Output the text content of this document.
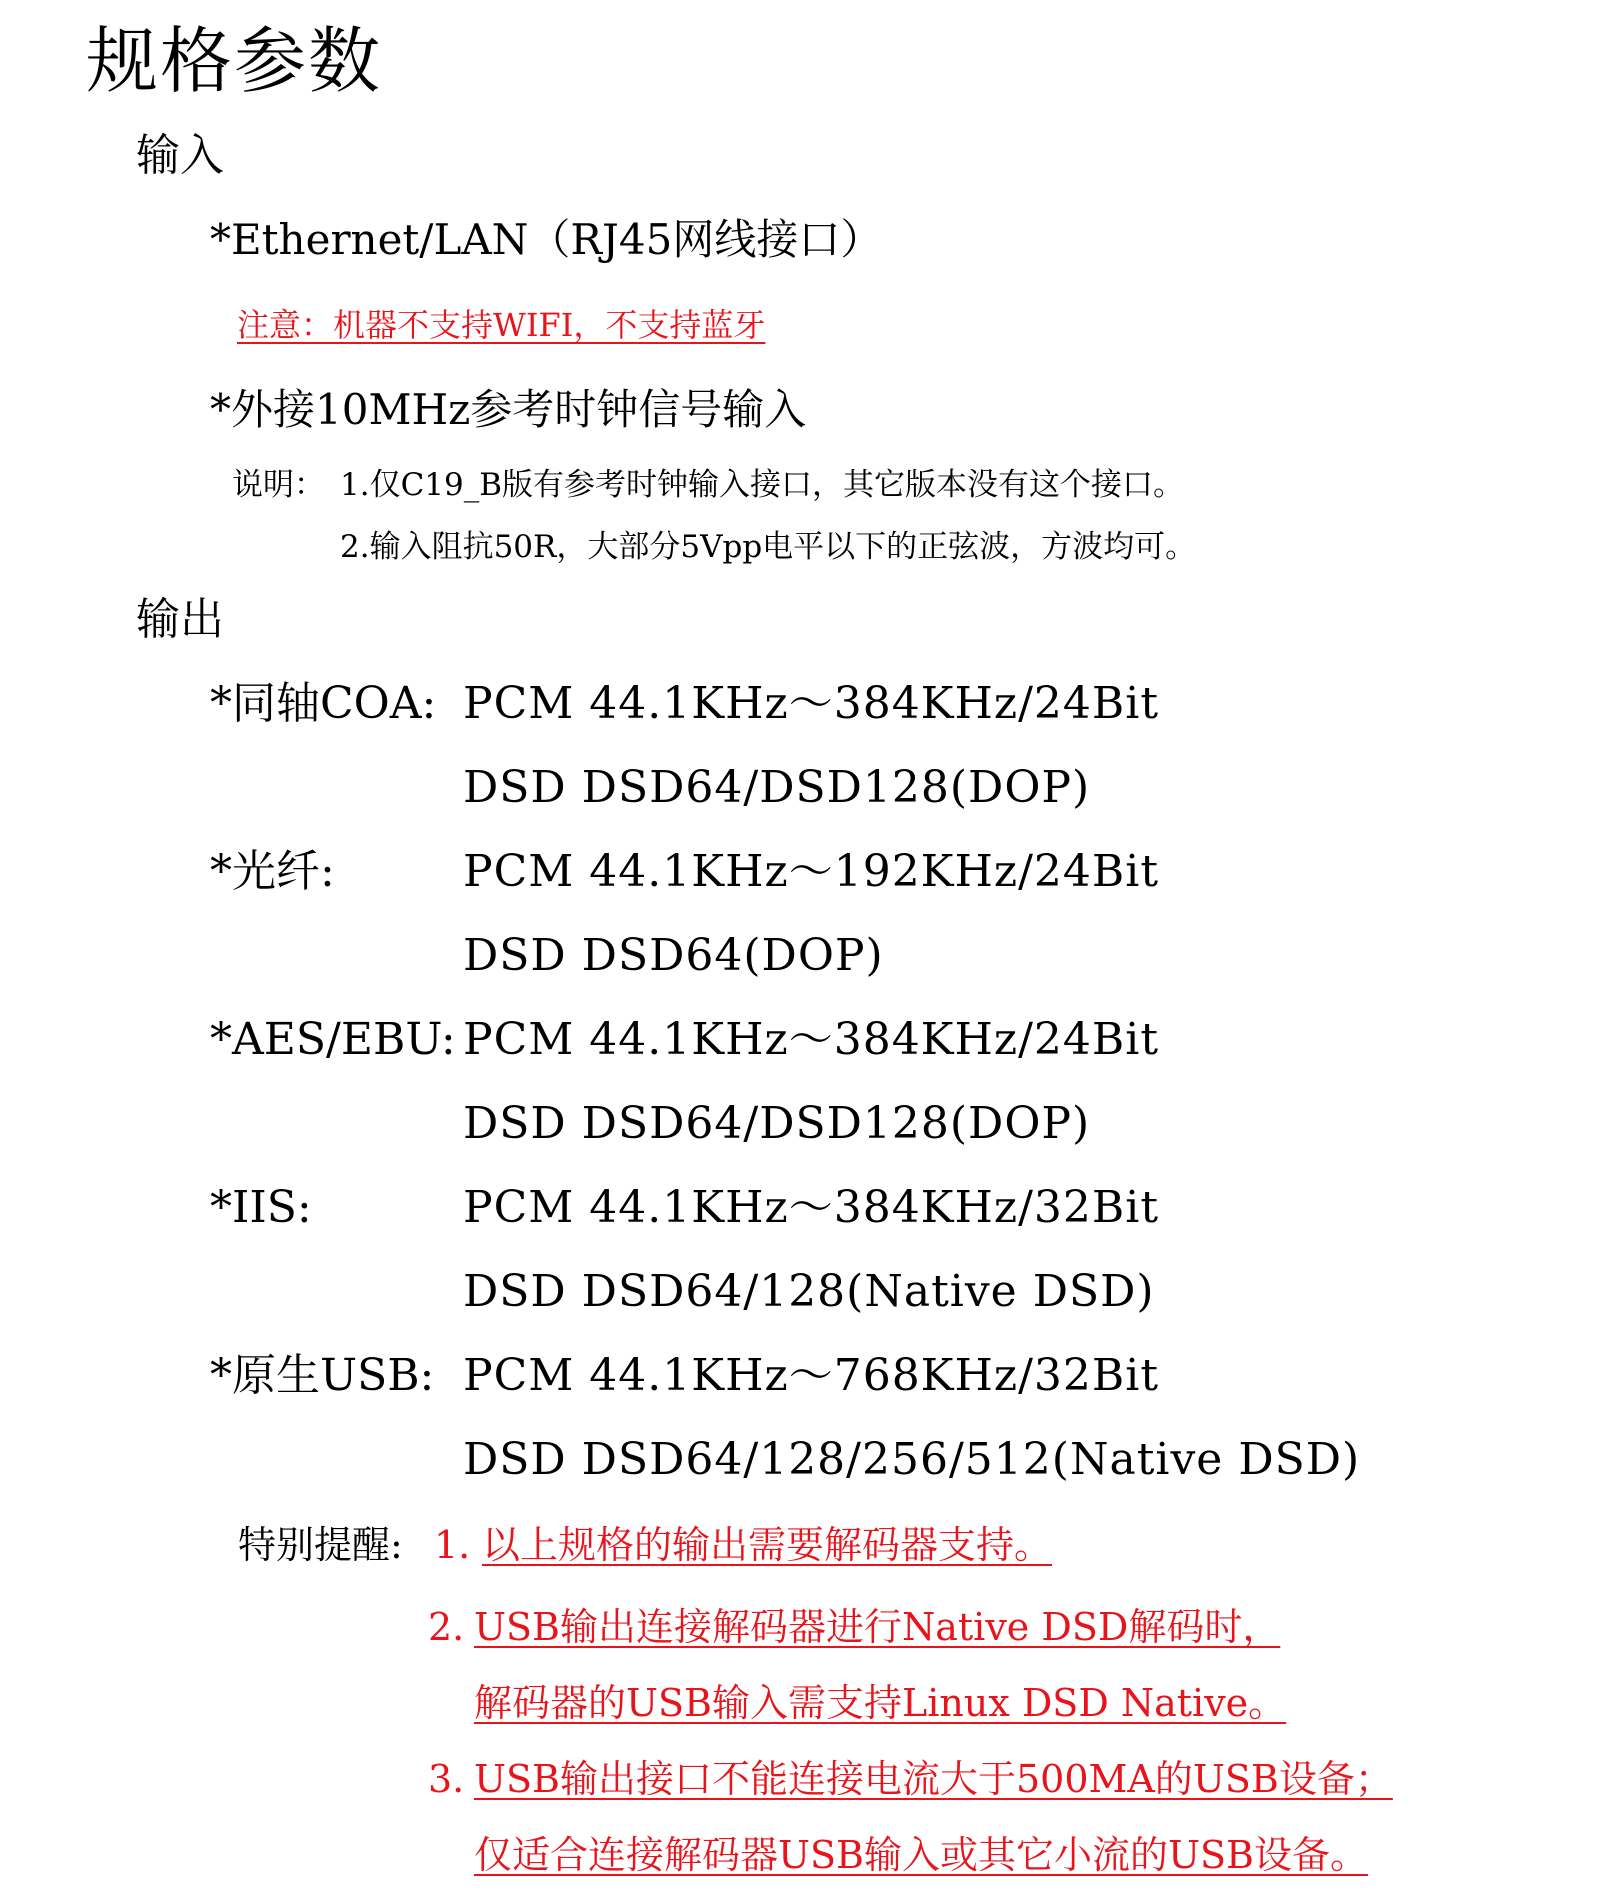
规格参数
输入
*Ethernet/LAN（RJ45网线接口）
注意：机器不支持WIFI，不支持蓝牙
*外接10MHz参考时钟信号输入
说明： 1.仅C19_B版有参考时钟输入接口，其它版本没有这个接口。
2.输入阻抗50R，大部分5Vpp电平以下的正弦波，方波均可。
输出
*同轴COA: PCM 44.1KHz～384KHz/24Bit
DSD DSD64/DSD128(DOP)
*光纤:	PCM 44.1KHz～192KHz/24Bit
DSD DSD64(DOP)
*AES/EBU: PCM 44.1KHz～384KHz/24Bit
DSD DSD64/DSD128(DOP)
*IIS:	PCM 44.1KHz～384KHz/32Bit
DSD DSD64/128(Native DSD)
*原生USB: PCM 44.1KHz～768KHz/32Bit
DSD DSD64/128/256/512(Native DSD)
特别提醒: 1. 以上规格的输出需要解码器支持。
2. USB输出连接解码器进行Native DSD解码时，
解码器的USB输入需支持Linux DSD Native。
3. USB输出接口不能连接电流大于500MA的USB设备；
仅适合连接解码器USB输入或其它小流的USB设备。
